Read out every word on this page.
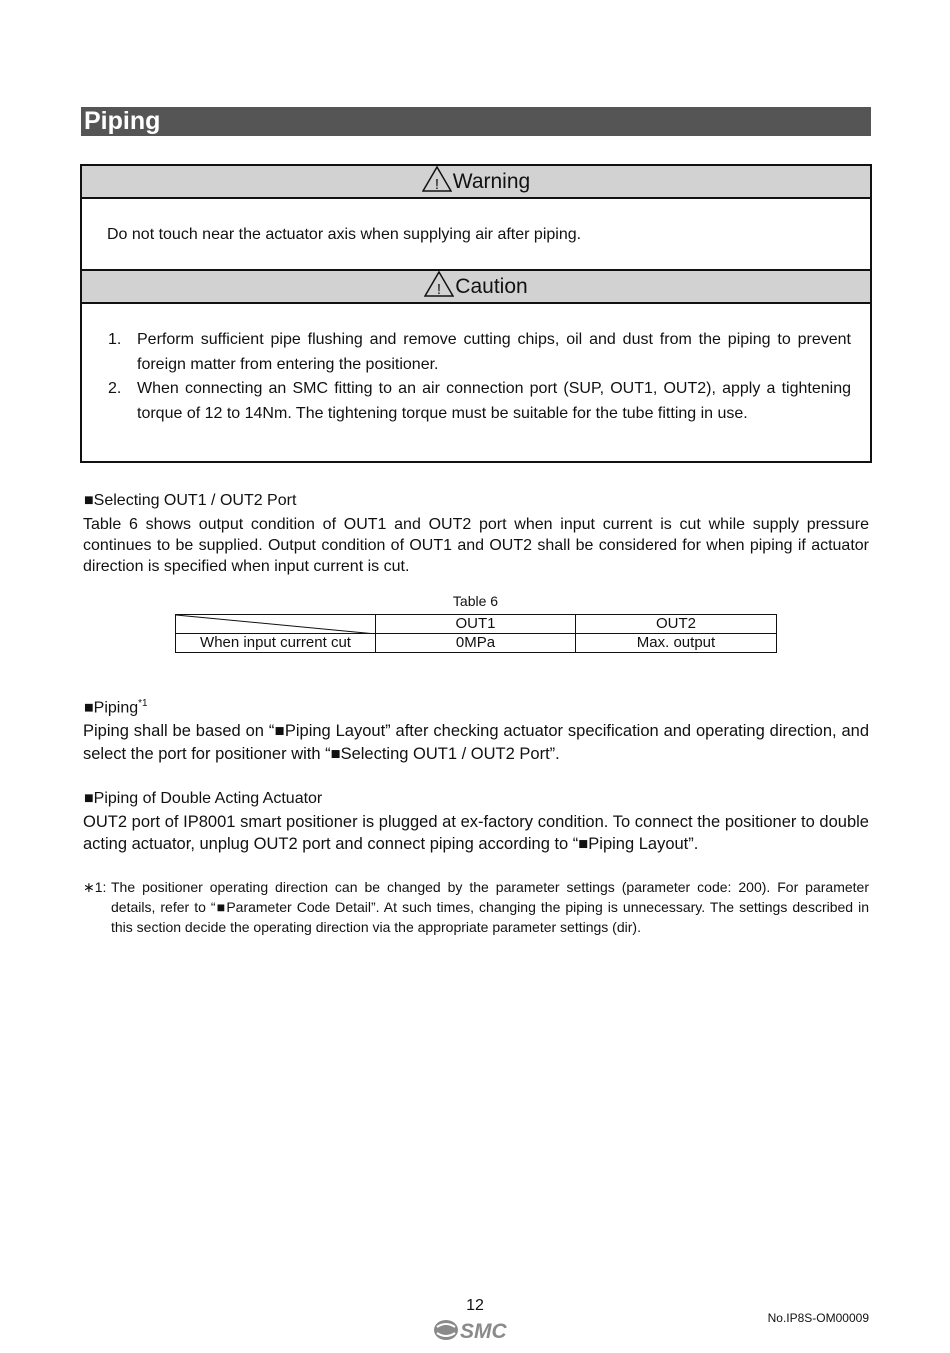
Piping
! Warning
Do not touch near the actuator axis when supplying air after piping.
! Caution
1. Perform sufficient pipe flushing and remove cutting chips, oil and dust from the piping to prevent foreign matter from entering the positioner.
2. When connecting an SMC fitting to an air connection port (SUP, OUT1, OUT2), apply a tightening torque of 12 to 14Nm. The tightening torque must be suitable for the tube fitting in use.
■Selecting OUT1 / OUT2 Port
Table 6 shows output condition of OUT1 and OUT2 port when input current is cut while supply pressure continues to be supplied. Output condition of OUT1 and OUT2 shall be considered for when piping if actuator direction is specified when input current is cut.
Table 6
	OUT1	OUT2
When input current cut	0MPa	Max. output
■Piping$^{*1}$
Piping shall be based on “■Piping Layout” after checking actuator specification and operating direction, and select the port for positioner with “■Selecting OUT1 / OUT2 Port”.
■Piping of Double Acting Actuator
OUT2 port of IP8001 smart positioner is plugged at ex-factory condition. To connect the positioner to double acting actuator, unplug OUT2 port and connect piping according to “■Piping Layout”.
∗1: The positioner operating direction can be changed by the parameter settings (parameter code: 200). For parameter details, refer to “■Parameter Code Detail”. At such times, changing the piping is unnecessary. The settings described in this section decide the operating direction via the appropriate parameter settings (dir).
12
SMC
No.IP8S-OM00009
